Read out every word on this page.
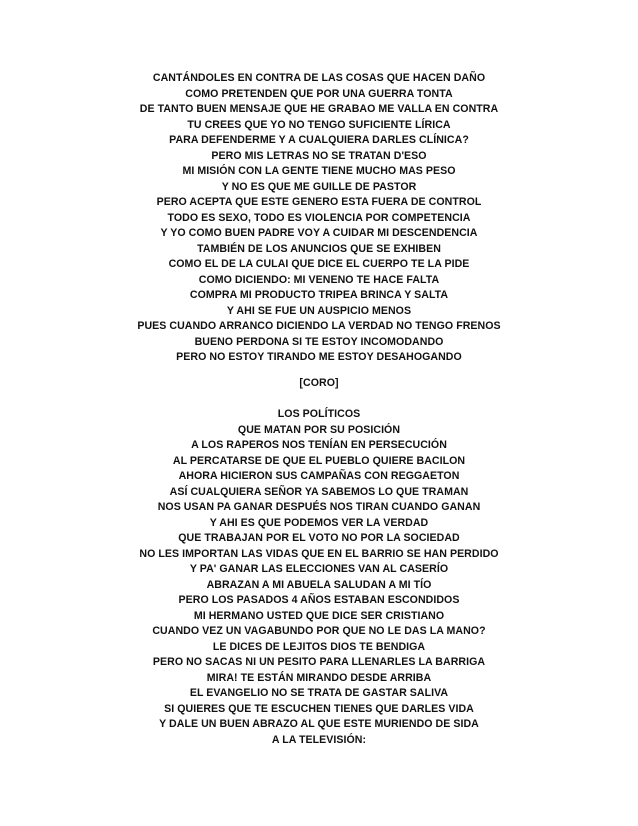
CANTÁNDOLES EN CONTRA DE LAS COSAS QUE HACEN DAÑO
COMO PRETENDEN QUE POR UNA GUERRA TONTA
DE TANTO BUEN MENSAJE QUE HE GRABAO ME VALLA EN CONTRA
TU CREES QUE YO NO TENGO SUFICIENTE LÍRICA
PARA DEFENDERME Y A CUALQUIERA DARLES CLÍNICA?
PERO MIS LETRAS NO SE TRATAN D'ESO
MI MISIÓN CON LA GENTE TIENE MUCHO MAS PESO
Y NO ES QUE ME GUILLE DE PASTOR
PERO ACEPTA QUE ESTE GENERO ESTA FUERA DE CONTROL
TODO ES SEXO, TODO ES VIOLENCIA POR COMPETENCIA
Y YO COMO BUEN PADRE VOY A CUIDAR MI DESCENDENCIA
TAMBIÉN DE LOS ANUNCIOS QUE SE EXHIBEN
COMO EL DE LA CULAI QUE DICE EL CUERPO TE LA PIDE
COMO DICIENDO: MI VENENO TE HACE FALTA
COMPRA MI PRODUCTO TRIPEA BRINCA Y SALTA
Y AHI SE FUE UN AUSPICIO MENOS
PUES CUANDO ARRANCO DICIENDO LA VERDAD NO TENGO FRENOS
BUENO PERDONA SI TE ESTOY INCOMODANDO
PERO NO ESTOY TIRANDO ME ESTOY DESAHOGANDO
[CORO]
LOS POLÍTICOS
QUE MATAN POR SU POSICIÓN
A LOS RAPEROS NOS TENÍAN EN PERSECUCIÓN
AL PERCATARSE DE QUE EL PUEBLO QUIERE BACILON
AHORA HICIERON SUS CAMPAÑAS CON REGGAETON
ASÍ CUALQUIERA SEÑOR YA SABEMOS LO QUE TRAMAN
NOS USAN PA GANAR DESPUÉS NOS TIRAN CUANDO GANAN
Y AHI ES QUE PODEMOS VER LA VERDAD
QUE TRABAJAN POR EL VOTO NO POR LA SOCIEDAD
NO LES IMPORTAN LAS VIDAS QUE EN EL BARRIO SE HAN PERDIDO
Y PA' GANAR LAS ELECCIONES VAN AL CASERÍO
ABRAZAN A MI ABUELA SALUDAN A MI TÍO
PERO LOS PASADOS 4 AÑOS ESTABAN ESCONDIDOS
MI HERMANO USTED QUE DICE SER CRISTIANO
CUANDO VEZ UN VAGABUNDO POR QUE NO LE DAS LA MANO?
LE DICES DE LEJITOS DIOS TE BENDIGA
PERO NO SACAS NI UN PESITO PARA LLENARLES LA BARRIGA
MIRA! TE ESTÁN MIRANDO DESDE ARRIBA
EL EVANGELIO NO SE TRATA DE GASTAR SALIVA
SI QUIERES QUE TE ESCUCHEN TIENES QUE DARLES VIDA
Y DALE UN BUEN ABRAZO AL QUE ESTE MURIENDO DE SIDA
A LA TELEVISIÓN:
